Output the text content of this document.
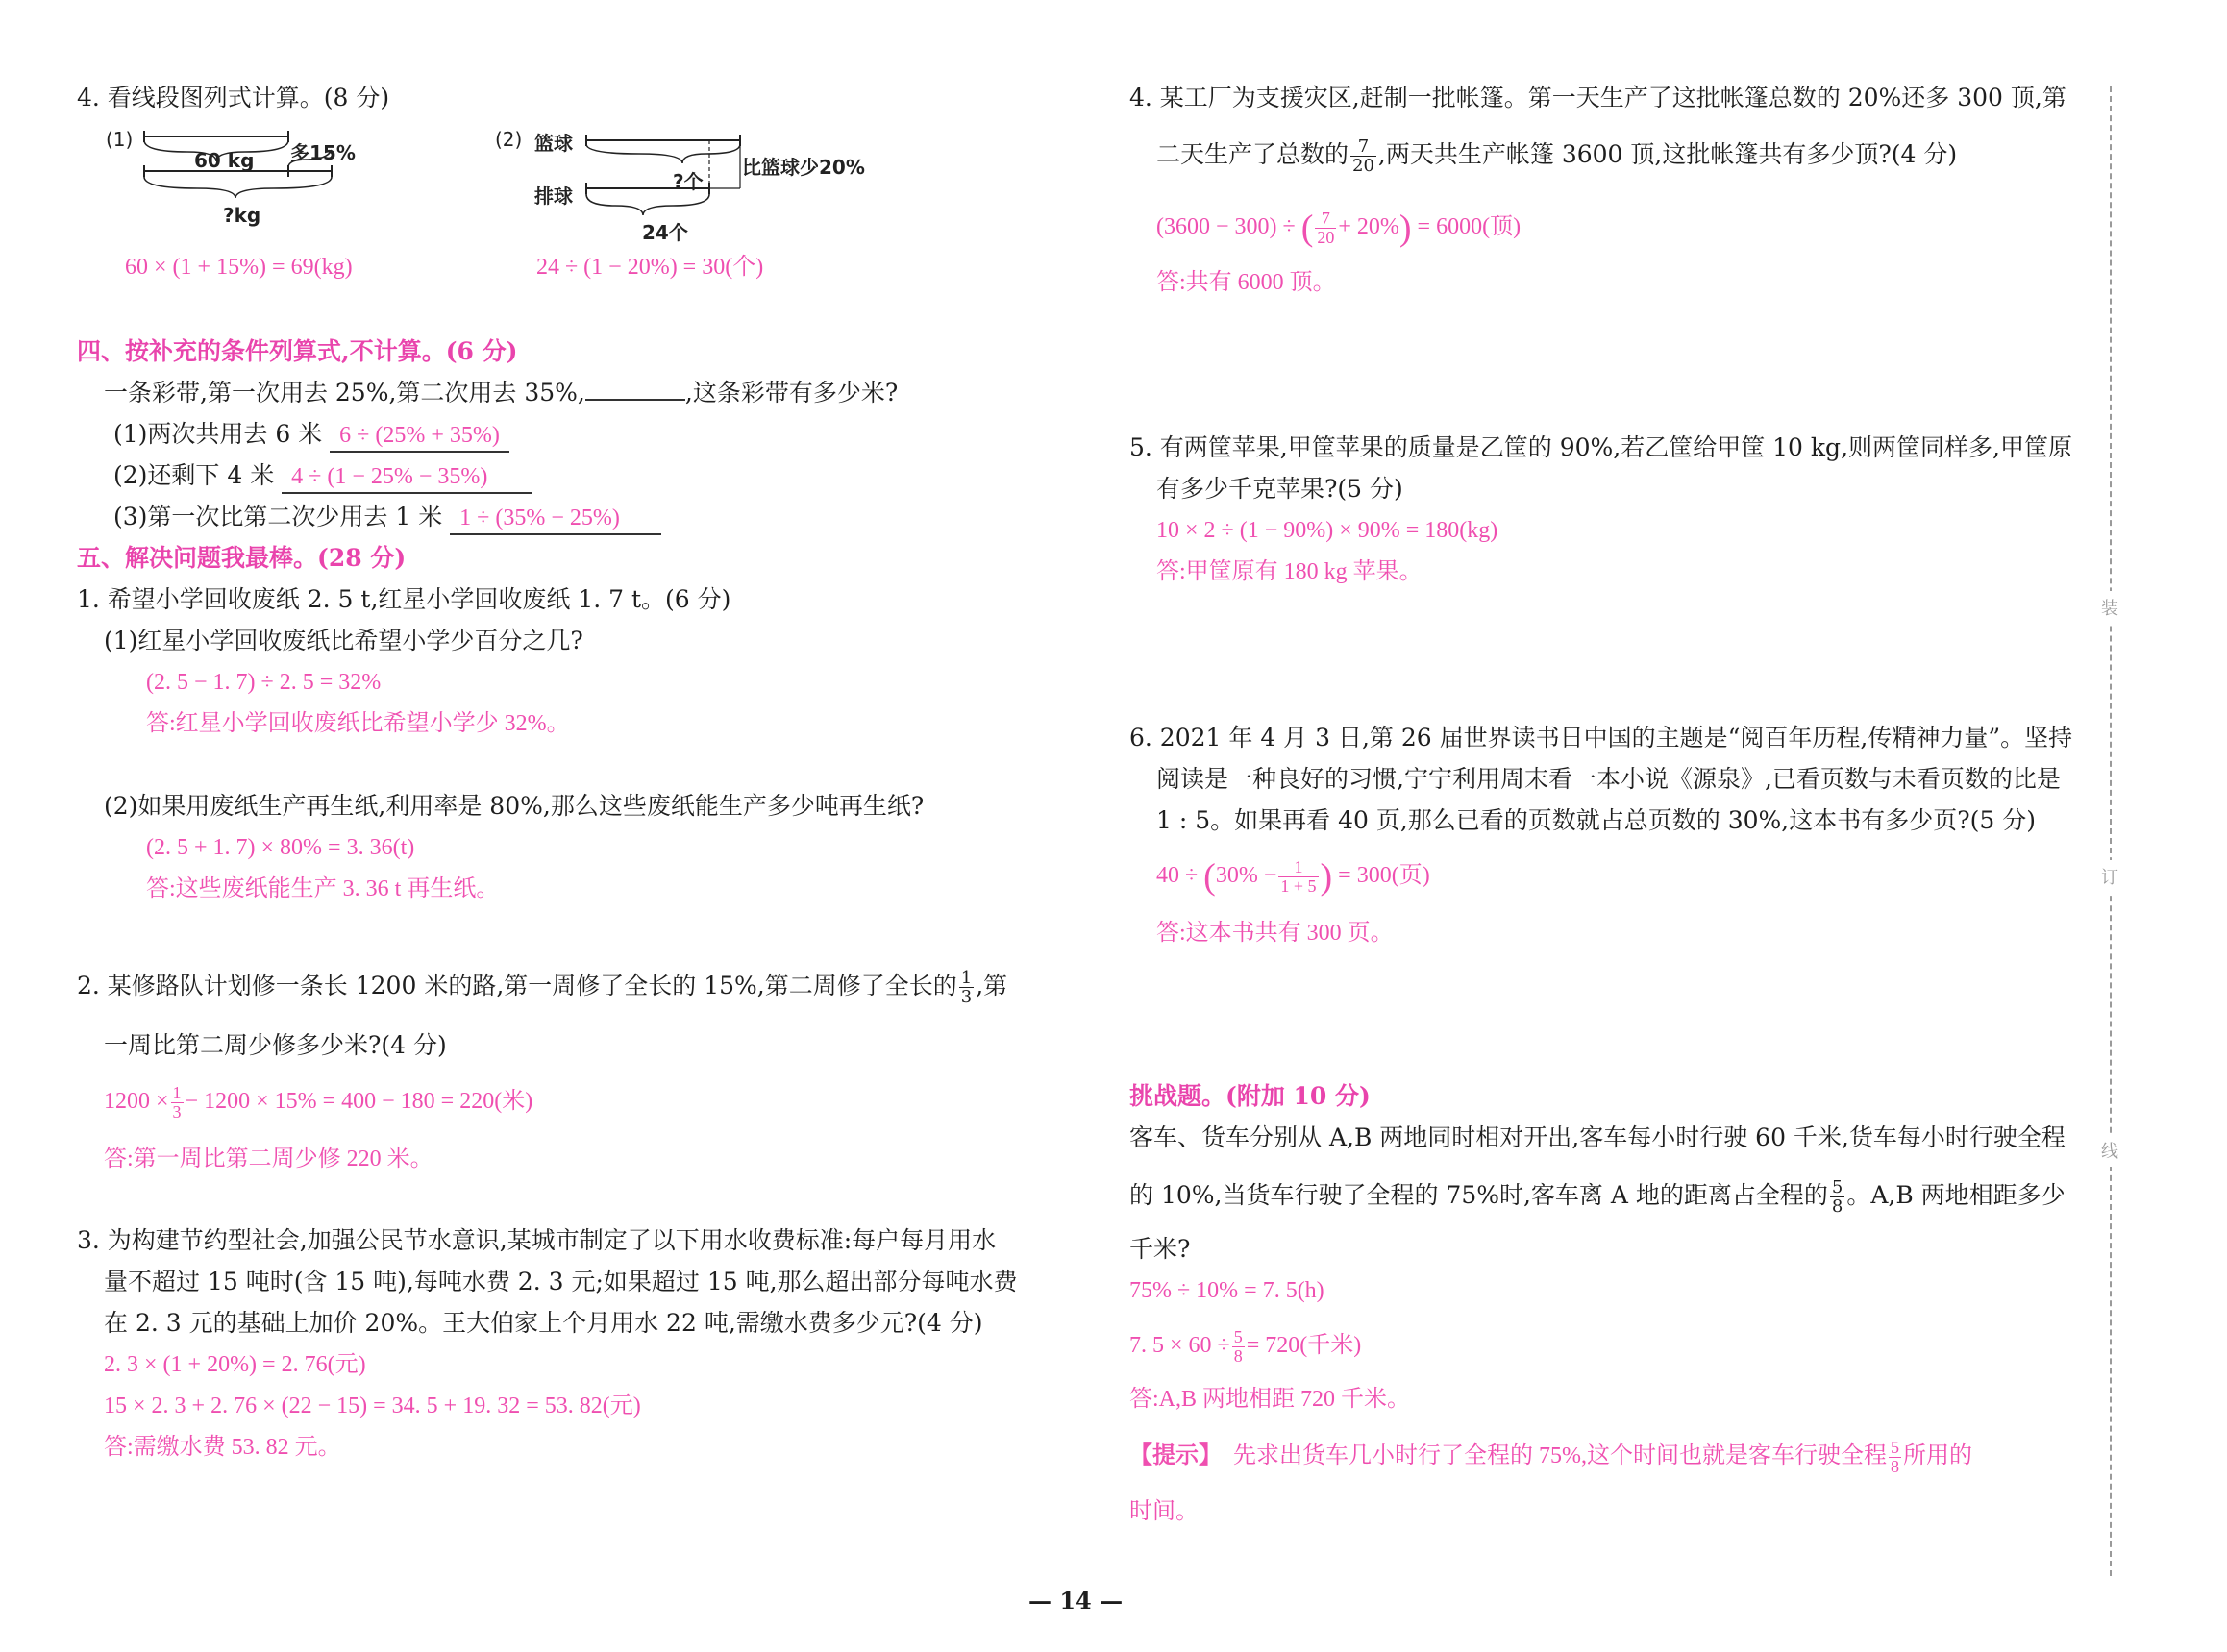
4. 看线段图列式计算。(8 分)
(1)
60 kg 多15%
?kg
60 × (1 + 15%) = 69(kg)
(2) 篮球
排球
?个
比篮球少20%
24个
24 ÷ (1 − 20%) = 30(个)
四、按补充的条件列算式,不计算。(6 分)
一条彩带,第一次用去 25%,第二次用去 35%,	,这条彩带有多少米?
(1)两次共用去 6 米 6 ÷ (25% + 35%)
(2)还剩下 4 米 4 ÷ (1 − 25% − 35%)
(3)第一次比第二次少用去 1 米 1 ÷ (35% − 25%)
五、解决问题我最棒。(28 分)
1. 希望小学回收废纸 2. 5 t,红星小学回收废纸 1. 7 t。(6 分)
(1)红星小学回收废纸比希望小学少百分之几?
(2. 5 − 1. 7) ÷ 2. 5 = 32%
答:红星小学回收废纸比希望小学少 32%。
(2)如果用废纸生产再生纸,利用率是 80%,那么这些废纸能生产多少吨再生纸?
(2. 5 + 1. 7) × 80% = 3. 36(t)
答:这些废纸能生产 3. 36 t 再生纸。
2. 某修路队计划修一条长 1200 米的路,第一周修了全长的 15%,第二周修了全长的 $\frac{1}{3}$ ,第
一周比第二周少修多少米?(4 分)
$1200 \times \frac{1}{3} - 1200 \times 15\% = 400 - 180 = 220$(米)
答:第一周比第二周少修 220 米。
3. 为构建节约型社会,加强公民节水意识,某城市制定了以下用水收费标准:每户每月用水
量不超过 15 吨时(含 15 吨),每吨水费 2. 3 元;如果超过 15 吨,那么超出部分每吨水费
在 2. 3 元的基础上加价 20%。王大伯家上个月用水 22 吨,需缴水费多少元?(4 分)
2. 3 × (1 + 20%) = 2. 76(元)
15 × 2. 3 + 2. 76 × (22 − 15) = 34. 5 + 19. 32 = 53. 82(元)
答:需缴水费 53. 82 元。
4. 某工厂为支援灾区,赶制一批帐篷。第一天生产了这批帐篷总数的 20%还多 300 顶,第
二天生产了总数的 $\frac{7}{20}$ ,两天共生产帐篷 3600 顶,这批帐篷共有多少顶?(4 分)
(3600 − 300) ÷ ( $\frac{7}{20} + 20\%) = 6000$(顶)
答:共有 6000 顶。
5. 有两筐苹果,甲筐苹果的质量是乙筐的 90%,若乙筐给甲筐 10 kg,则两筐同样多,甲筐原
有多少千克苹果?(5 分)
10 × 2 ÷ (1 − 90%) × 90% = 180(kg)
答:甲筐原有 180 kg 苹果。
6. 2021 年 4 月 3 日,第 26 届世界读书日中国的主题是“阅百年历程,传精神力量”。坚持
阅读是一种良好的习惯,宁宁利用周末看一本小说《源泉》,已看页数与未看页数的比是
1 : 5。如果再看 40 页,那么已看的页数就占总页数的 30%,这本书有多少页?(5 分)
$40 \div (30\% - \frac{1}{1 + 5}$ ) = 300(页)
答:这本书共有 300 页。
挑战题。(附加 10 分)
客车、货车分别从 A,B 两地同时相对开出,客车每小时行驶 60 千米,货车每小时行驶全程
的 10%,当货车行驶了全程的 75%时,客车离 A 地的距离占全程的 $\frac{5}{8}$ 。A,B 两地相距多少
千米?
75% ÷ 10% = 7. 5(h)
7. $5 \times 60 \div \frac{5}{8} = 720$(千米)
答:A,B 两地相距 720 千米。
【提示】 先求出货车几小时行了全程的 75%,这个时间也就是客车行驶全程 $\frac{5}{8}$ 所用的
时间。
装
订
线
— 14 —
